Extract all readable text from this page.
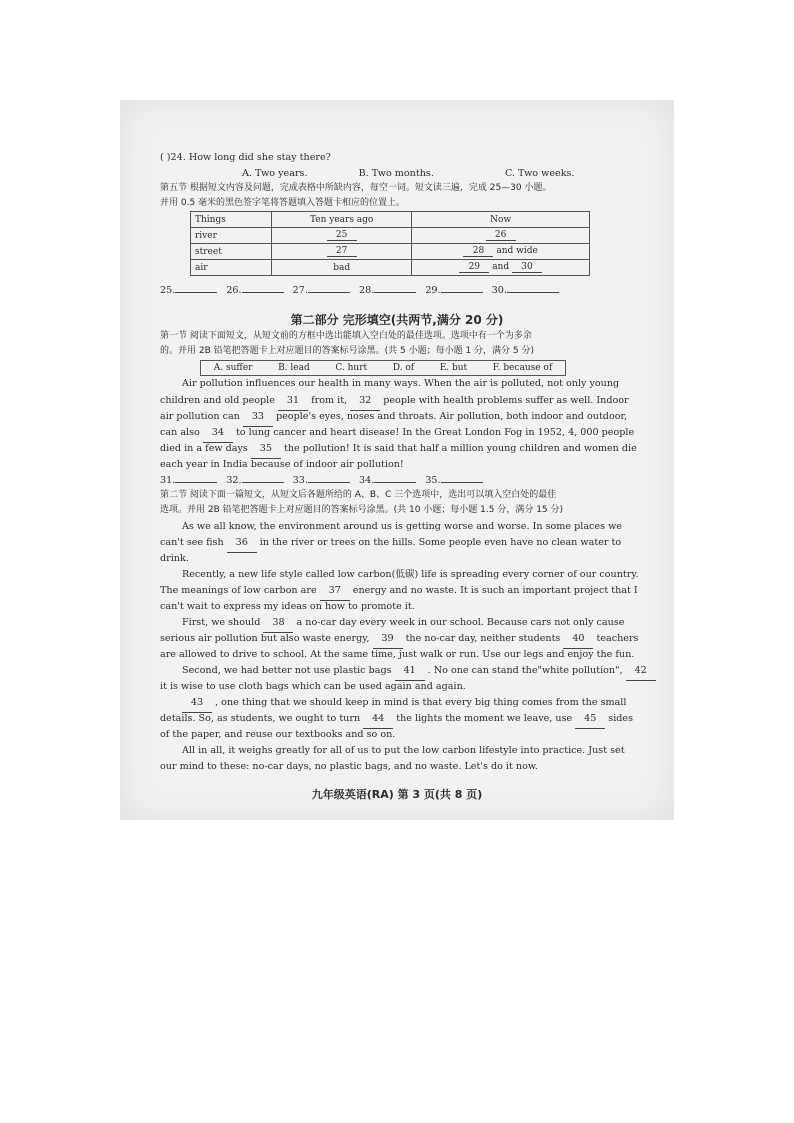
( )24. How long did she stay there?
A. Two years.	B. Two months.	C. Two weeks.
第五节 根据短文内容及问题，完成表格中所缺内容，每空一词。短文读三遍，完成 25—30 小题。
并用 0.5 毫米的黑色签字笔将答题填入答题卡相应的位置上。
Things	Ten years ago	Now
river	25	26
street	27	28 and wide
air	bad	29 and 30
25.	26.	27.	28.	29.	30.
第二部分 完形填空(共两节,满分 20 分)
第一节 阅读下面短文，从短文前的方框中选出能填入空白处的最佳选项。选项中有一个为多余
的。并用 2B 铅笔把答题卡上对应题目的答案标号涂黑。(共 5 小题；每小题 1 分，满分 5 分)
A. suffer	B. lead	C. hurt	D. of	E. but	F. because of
Air pollution influences our health in many ways. When the air is polluted, not only young
children and old people 31 from it, 32 people with health problems suffer as well. Indoor
air pollution can 33 people's eyes, noses and throats. Air pollution, both indoor and outdoor,
can also 34 to lung cancer and heart disease! In the Great London Fog in 1952, 4, 000 people
died in a few days 35 the pollution! It is said that half a million young children and women die
each year in India because of indoor air pollution!
31.	32.	33.	34.	35.
第二节 阅读下面一篇短文，从短文后各题所给的 A、B、C 三个选项中，选出可以填入空白处的最佳
选项。并用 2B 铅笔把答题卡上对应题目的答案标号涂黑。(共 10 小题；每小题 1.5 分，满分 15 分)
As we all know, the environment around us is getting worse and worse. In some places we
can't see fish 36 in the river or trees on the hills. Some people even have no clean water to
drink.
Recently, a new life style called low carbon(低碳) life is spreading every corner of our country.
The meanings of low carbon are 37 energy and no waste. It is such an important project that I
can't wait to express my ideas on how to promote it.
First, we should 38 a no-car day every week in our school. Because cars not only cause
serious air pollution but also waste energy, 39 the no-car day, neither students 40 teachers
are allowed to drive to school. At the same time, just walk or run. Use our legs and enjoy the fun.
Second, we had better not use plastic bags 41 . No one can stand the"white pollution", 42
it is wise to use cloth bags which can be used again and again.
43 , one thing that we should keep in mind is that every big thing comes from the small
details. So, as students, we ought to turn 44 the lights the moment we leave, use 45 sides
of the paper, and reuse our textbooks and so on.
All in all, it weighs greatly for all of us to put the low carbon lifestyle into practice. Just set
our mind to these: no-car days, no plastic bags, and no waste. Let's do it now.
九年级英语(RA) 第 3 页(共 8 页)
